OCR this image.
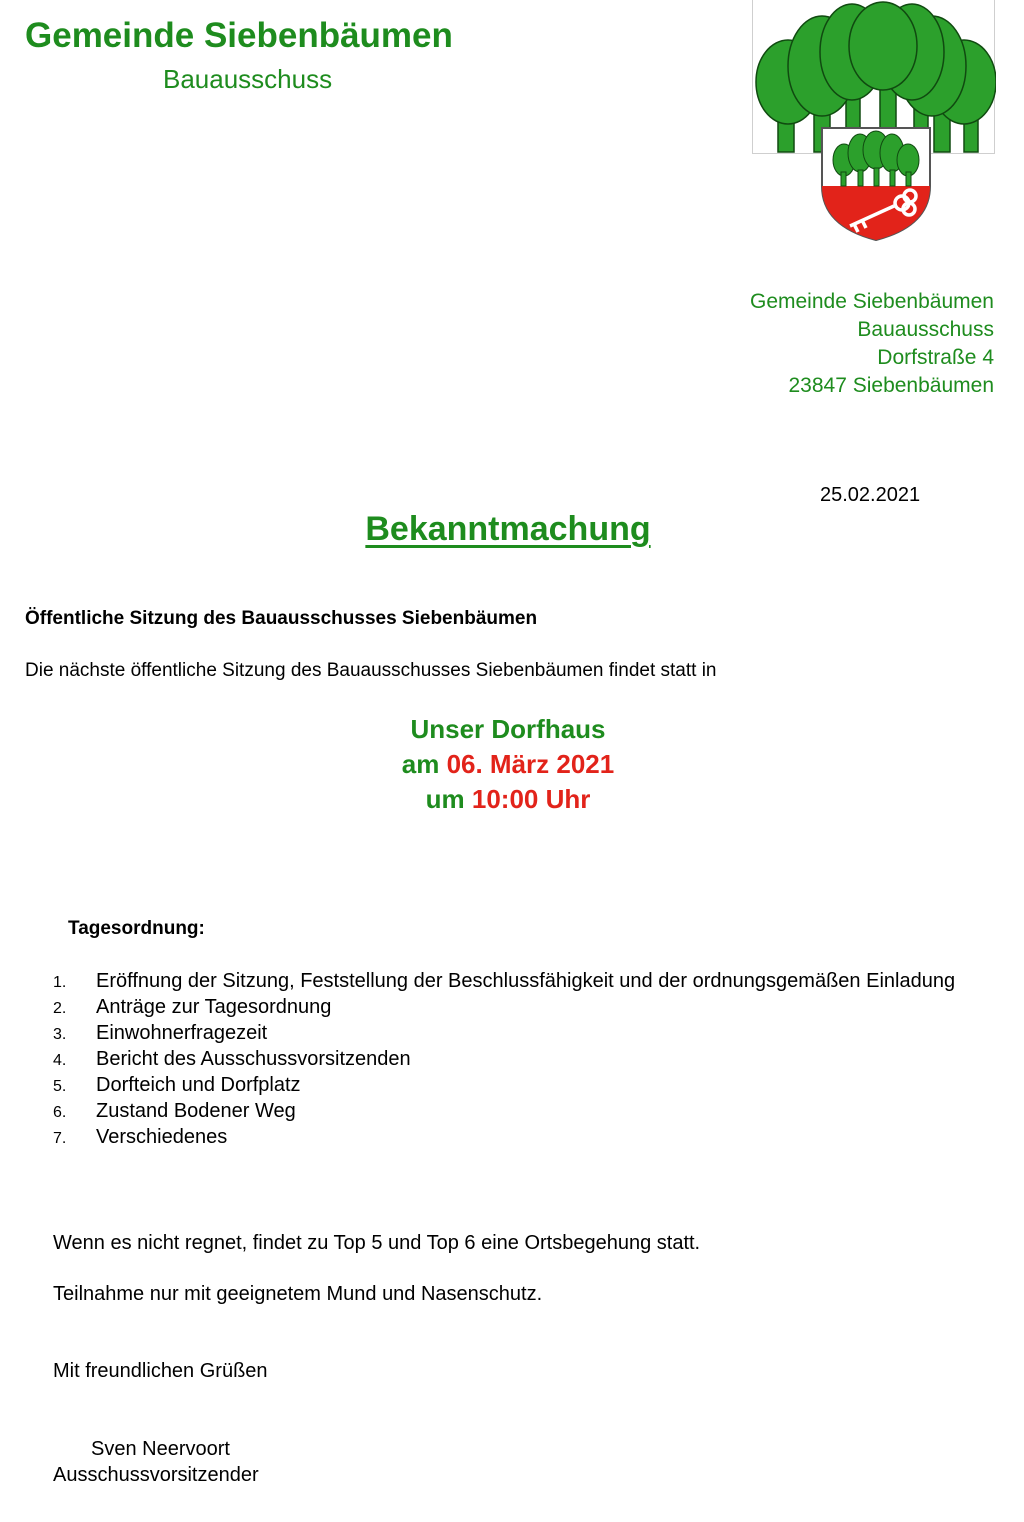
Gemeinde Siebenbäumen
Bauausschuss
Gemeinde Siebenbäumen
Bauausschuss
Dorfstraße 4
23847 Siebenbäumen
25.02.2021
Bekanntmachung
Öffentliche Sitzung des Bauausschusses Siebenbäumen
Die nächste öffentliche Sitzung des Bauausschusses Siebenbäumen findet statt in
Unser Dorfhaus
am 06. März 2021
um 10:00 Uhr
Tagesordnung:
1. Eröffnung der Sitzung, Feststellung der Beschlussfähigkeit und der ordnungsgemäßen Einladung
2. Anträge zur Tagesordnung
3. Einwohnerfragezeit
4. Bericht des Ausschussvorsitzenden
5. Dorfteich und Dorfplatz
6. Zustand Bodener Weg
7. Verschiedenes
Wenn es nicht regnet, findet zu Top 5 und Top 6 eine Ortsbegehung statt.
Teilnahme nur mit geeignetem Mund und Nasenschutz.
Mit freundlichen Grüßen
Sven Neervoort
Ausschussvorsitzender
